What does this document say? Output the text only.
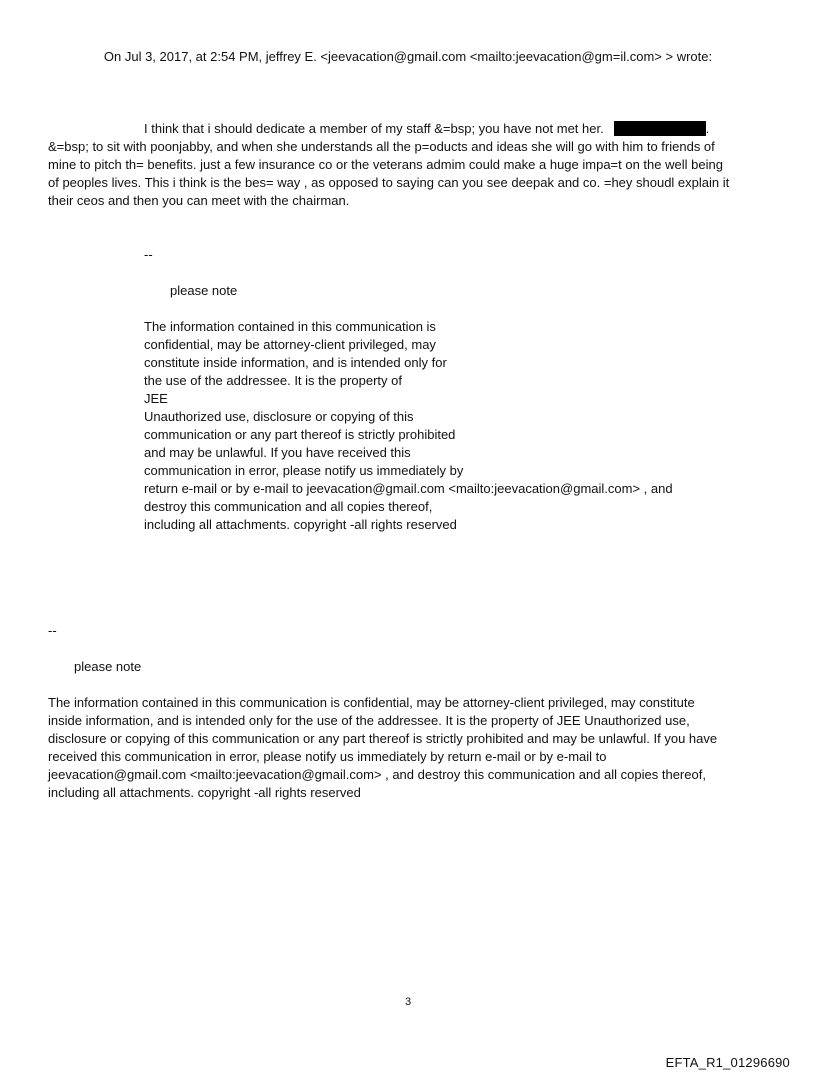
On Jul 3, 2017, at 2:54 PM, jeffrey E. <jeevacation@gmail.com <mailto:jeevacation@gm=il.com> > wrote:

I think that i should dedicate a member of my staff &=bsp; you have not met her.	.
&=bsp; to sit with poonjabby, and when she understands all the p=oducts and ideas she will go with him to friends of
mine to pitch th= benefits. just a few insurance co or the veterans admim could make a huge impa=t on the well being
of peoples lives. This i think is the bes= way , as opposed to saying can you see deepak and co. =hey shoudl explain it
their ceos and then you can meet with the chairman.

--

please note

The information contained in this communication is
confidential, may be attorney-client privileged, may
constitute inside information, and is intended only for
the use of the addressee. It is the property of
JEE
Unauthorized use, disclosure or copying of this
communication or any part thereof is strictly prohibited
and may be unlawful. If you have received this
communication in error, please notify us immediately by
return e-mail or by e-mail to jeevacation@gmail.com <mailto:jeevacation@gmail.com> , and
destroy this communication and all copies thereof,
including all attachments. copyright -all rights reserved

--

please note

The information contained in this communication is confidential, may be attorney-client privileged, may constitute
inside information, and is intended only for the use of the addressee. It is the property of JEE Unauthorized use,
disclosure or copying of this communication or any part thereof is strictly prohibited and may be unlawful. If you have
received this communication in error, please notify us immediately by return e-mail or by e-mail to
jeevacation@gmail.com <mailto:jeevacation@gmail.com> , and destroy this communication and all copies thereof,
including all attachments. copyright -all rights reserved

3

EFTA_R1_01296690
